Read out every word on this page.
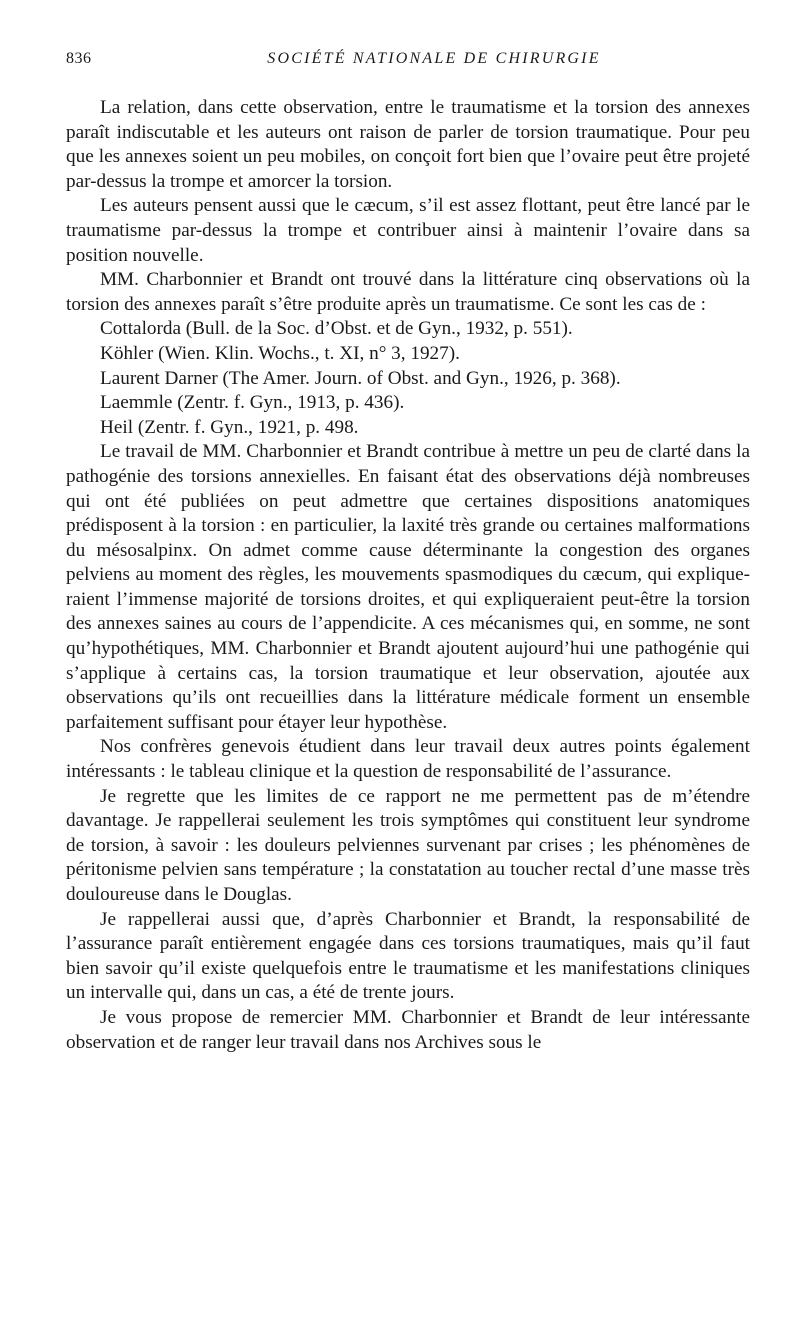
836	SOCIÉTÉ NATIONALE DE CHIRURGIE

La relation, dans cette observation, entre le traumatisme et la torsion des annexes paraît indiscutable et les auteurs ont raison de parler de torsion traumatique. Pour peu que les annexes soient un peu mobiles, on conçoit fort bien que l’ovaire peut être projeté par-dessus la trompe et amorcer la torsion.

Les auteurs pensent aussi que le cæcum, s’il est assez flottant, peut être lancé par le traumatisme par-dessus la trompe et contribuer ainsi à maintenir l’ovaire dans sa position nouvelle.

MM. Charbonnier et Brandt ont trouvé dans la littérature cinq observations où la torsion des annexes paraît s’être produite après un traumatisme. Ce sont les cas de :

Cottalorda (Bull. de la Soc. d’Obst. et de Gyn., 1932, p. 551).

Köhler (Wien. Klin. Wochs., t. XI, n° 3, 1927).

Laurent Darner (The Amer. Journ. of Obst. and Gyn., 1926, p. 368).

Laemmle (Zentr. f. Gyn., 1913, p. 436).

Heil (Zentr. f. Gyn., 1921, p. 498.

Le travail de MM. Charbonnier et Brandt contribue à mettre un peu de clarté dans la pathogénie des torsions annexielles. En faisant état des observations déjà nombreuses qui ont été publiées on peut admettre que certaines dispositions anatomiques prédisposent à la torsion : en particulier, la laxité très grande ou certaines malformations du mésosalpinx. On admet comme cause déterminante la congestion des organes pelviens au moment des règles, les mouvements spasmodiques du cæcum, qui expliqueraient l’immense majorité de torsions droites, et qui expliqueraient peut-être la torsion des annexes saines au cours de l’appendicite. A ces mécanismes qui, en somme, ne sont qu’hypothétiques, MM. Charbonnier et Brandt ajoutent aujourd’hui une pathogénie qui s’applique à certains cas, la torsion traumatique et leur observation, ajoutée aux observations qu’ils ont recueillies dans la littérature médicale forment un ensemble parfaitement suffisant pour étayer leur hypothèse.

Nos confrères genevois étudient dans leur travail deux autres points également intéressants : le tableau clinique et la question de responsabilité de l’assurance.

Je regrette que les limites de ce rapport ne me permettent pas de m’étendre davantage. Je rappellerai seulement les trois symptômes qui constituent leur syndrome de torsion, à savoir : les douleurs pelviennes survenant par crises ; les phénomènes de péritonisme pelvien sans température ; la constatation au toucher rectal d’une masse très douloureuse dans le Douglas.

Je rappellerai aussi que, d’après Charbonnier et Brandt, la responsabilité de l’assurance paraît entièrement engagée dans ces torsions traumatiques, mais qu’il faut bien savoir qu’il existe quelquefois entre le traumatisme et les manifestations cliniques un intervalle qui, dans un cas, a été de trente jours.

Je vous propose de remercier MM. Charbonnier et Brandt de leur intéressante observation et de ranger leur travail dans nos Archives sous le
